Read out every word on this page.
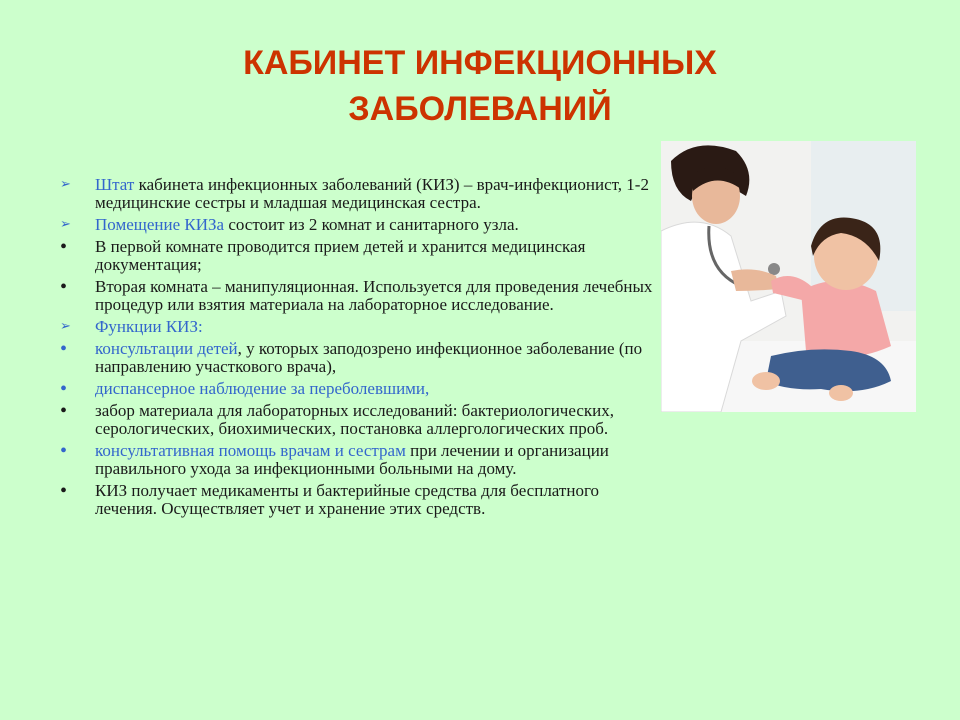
КАБИНЕТ ИНФЕКЦИОННЫХ
ЗАБОЛЕВАНИЙ
➢	Штат кабинета инфекционных заболеваний (КИЗ) – врач-инфекционист, 1-2 медицинские сестры и младшая медицинская сестра.
➢	Помещение КИЗа состоит из 2 комнат и санитарного узла.
•	В первой комнате проводится прием детей и хранится медицинская документация;
•	Вторая комната – манипуляционная. Используется для проведения лечебных процедур или взятия материала на лабораторное исследование.
➢	Функции КИЗ:
•	консультации детей, у которых заподозрено инфекционное заболевание (по направлению участкового врача),
•	диспансерное наблюдение за переболевшими,
•	забор материала для лабораторных исследований: бактериологических, серологических, биохимических, постановка аллергологических проб.
•	консультативная помощь врачам и сестрам при лечении и организации правильного ухода за инфекционными больными на дому.
•	КИЗ получает медикаменты и бактерийные средства для бесплатного лечения. Осуществляет учет и хранение этих средств.
